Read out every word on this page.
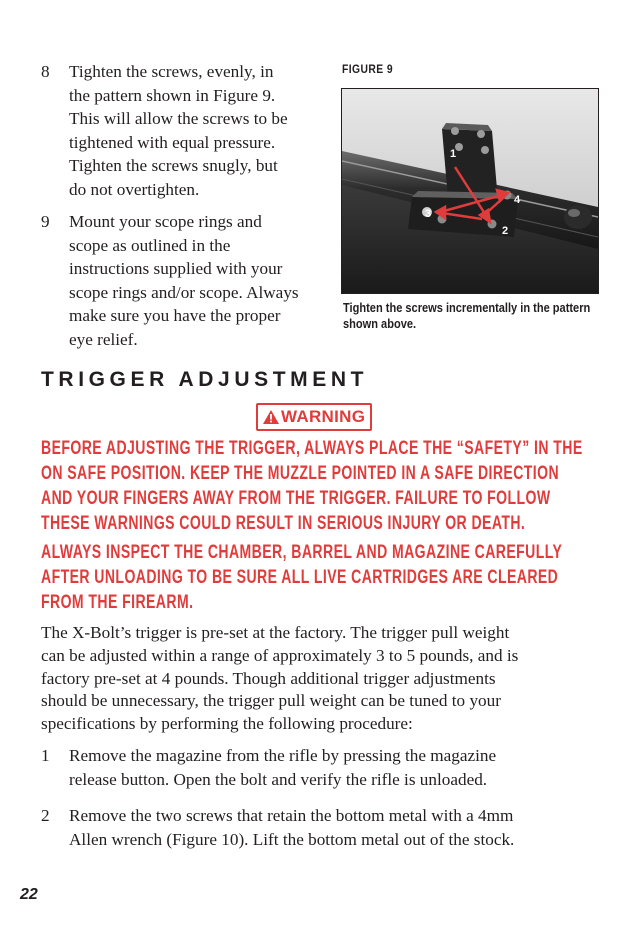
8	Tighten the screws, evenly, in
the pattern shown in Figure 9.
This will allow the screws to be
tightened with equal pressure.
Tighten the screws snugly, but
do not overtighten.
9	Mount your scope rings and
scope as outlined in the
instructions supplied with your
scope rings and/or scope. Always
make sure you have the proper
eye relief.
FIGURE 9
1
2
3
4
Tighten the screws incrementally in the pattern
shown above.
TRIGGER ADJUSTMENT
WARNING
BEFORE ADJUSTING THE TRIGGER, ALWAYS PLACE THE “SAFETY” IN THE
ON SAFE POSITION. KEEP THE MUZZLE POINTED IN A SAFE DIRECTION
AND YOUR FINGERS AWAY FROM THE TRIGGER. FAILURE TO FOLLOW
THESE WARNINGS COULD RESULT IN SERIOUS INJURY OR DEATH.
ALWAYS INSPECT THE CHAMBER, BARREL AND MAGAZINE CAREFULLY
AFTER UNLOADING TO BE SURE ALL LIVE CARTRIDGES ARE CLEARED
FROM THE FIREARM.
The X-Bolt’s trigger is pre-set at the factory. The trigger pull weight
can be adjusted within a range of approximately 3 to 5 pounds, and is
factory pre-set at 4 pounds. Though additional trigger adjustments
should be unnecessary, the trigger pull weight can be tuned to your
specifications by performing the following procedure:
1	Remove the magazine from the rifle by pressing the magazine
release button. Open the bolt and verify the rifle is unloaded.
2	Remove the two screws that retain the bottom metal with a 4mm
Allen wrench (Figure 10). Lift the bottom metal out of the stock.
22
